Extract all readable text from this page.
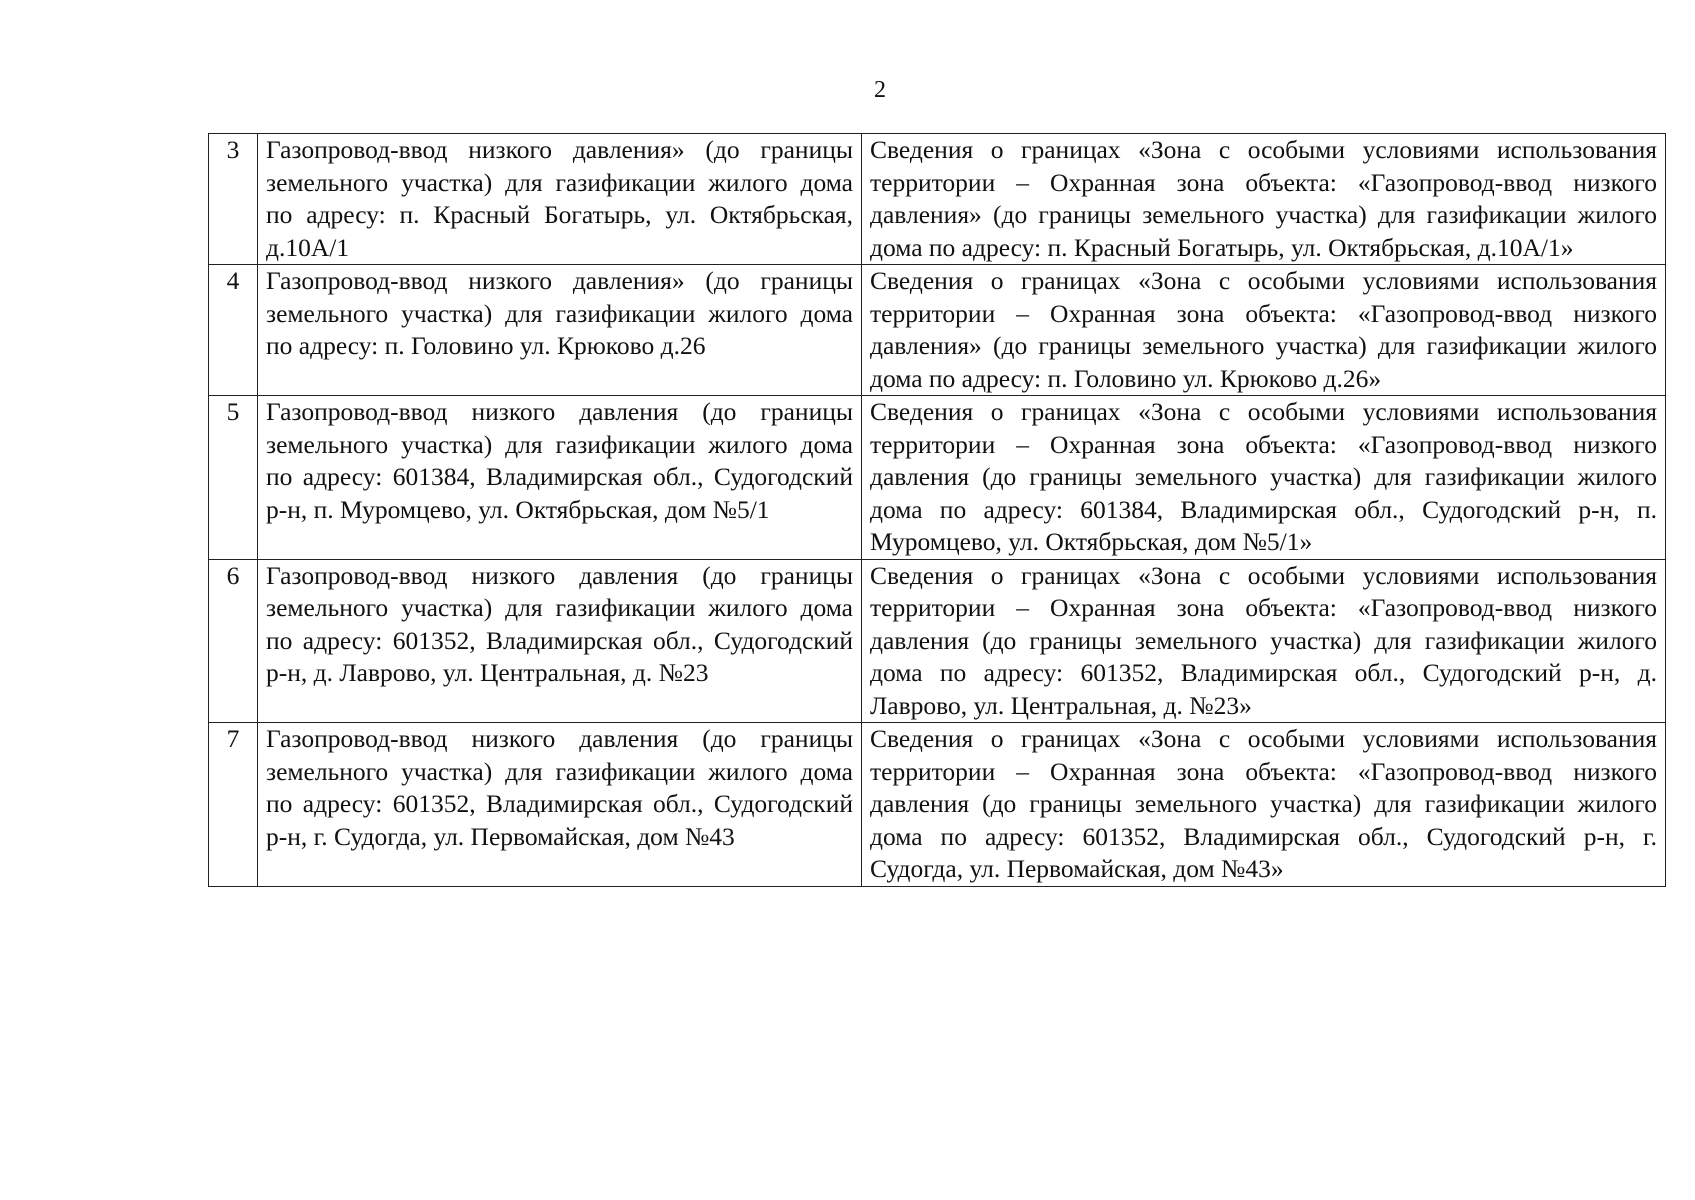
2
3	Газопровод-ввод низкого давления» (до границы земельного участка) для газификации жилого дома по адресу: п. Красный Богатырь, ул. Октябрьская, д.10А/1	Сведения о границах «Зона с особыми условиями использования территории – Охранная зона объекта: «Газопровод-ввод низкого давления» (до границы земельного участка) для газификации жилого дома по адресу: п. Красный Богатырь, ул. Октябрьская, д.10А/1»
4	Газопровод-ввод низкого давления» (до границы земельного участка) для газификации жилого дома по адресу: п. Головино ул. Крюково д.26	Сведения о границах «Зона с особыми условиями использования территории – Охранная зона объекта: «Газопровод-ввод низкого давления» (до границы земельного участка) для газификации жилого дома по адресу: п. Головино ул. Крюково д.26»
5	Газопровод-ввод низкого давления (до границы земельного участка) для газификации жилого дома по адресу: 601384, Владимирская обл., Судогодский р-н, п. Муромцево, ул. Октябрьская, дом №5/1	Сведения о границах «Зона с особыми условиями использования территории – Охранная зона объекта: «Газопровод-ввод низкого давления (до границы земельного участка) для газификации жилого дома по адресу: 601384, Владимирская обл., Судогодский р-н, п. Муромцево, ул. Октябрьская, дом №5/1»
6	Газопровод-ввод низкого давления (до границы земельного участка) для газификации жилого дома по адресу: 601352, Владимирская обл., Судогодский р-н, д. Лаврово, ул. Центральная, д. №23	Сведения о границах «Зона с особыми условиями использования территории – Охранная зона объекта: «Газопровод-ввод низкого давления (до границы земельного участка) для газификации жилого дома по адресу: 601352, Владимирская обл., Судогодский р-н, д. Лаврово, ул. Центральная, д. №23»
7	Газопровод-ввод низкого давления (до границы земельного участка) для газификации жилого дома по адресу: 601352, Владимирская обл., Судогодский р-н, г. Судогда, ул. Первомайская, дом №43	Сведения о границах «Зона с особыми условиями использования территории – Охранная зона объекта: «Газопровод-ввод низкого давления (до границы земельного участка) для газификации жилого дома по адресу: 601352, Владимирская обл., Судогодский р-н, г. Судогда, ул. Первомайская, дом №43»
